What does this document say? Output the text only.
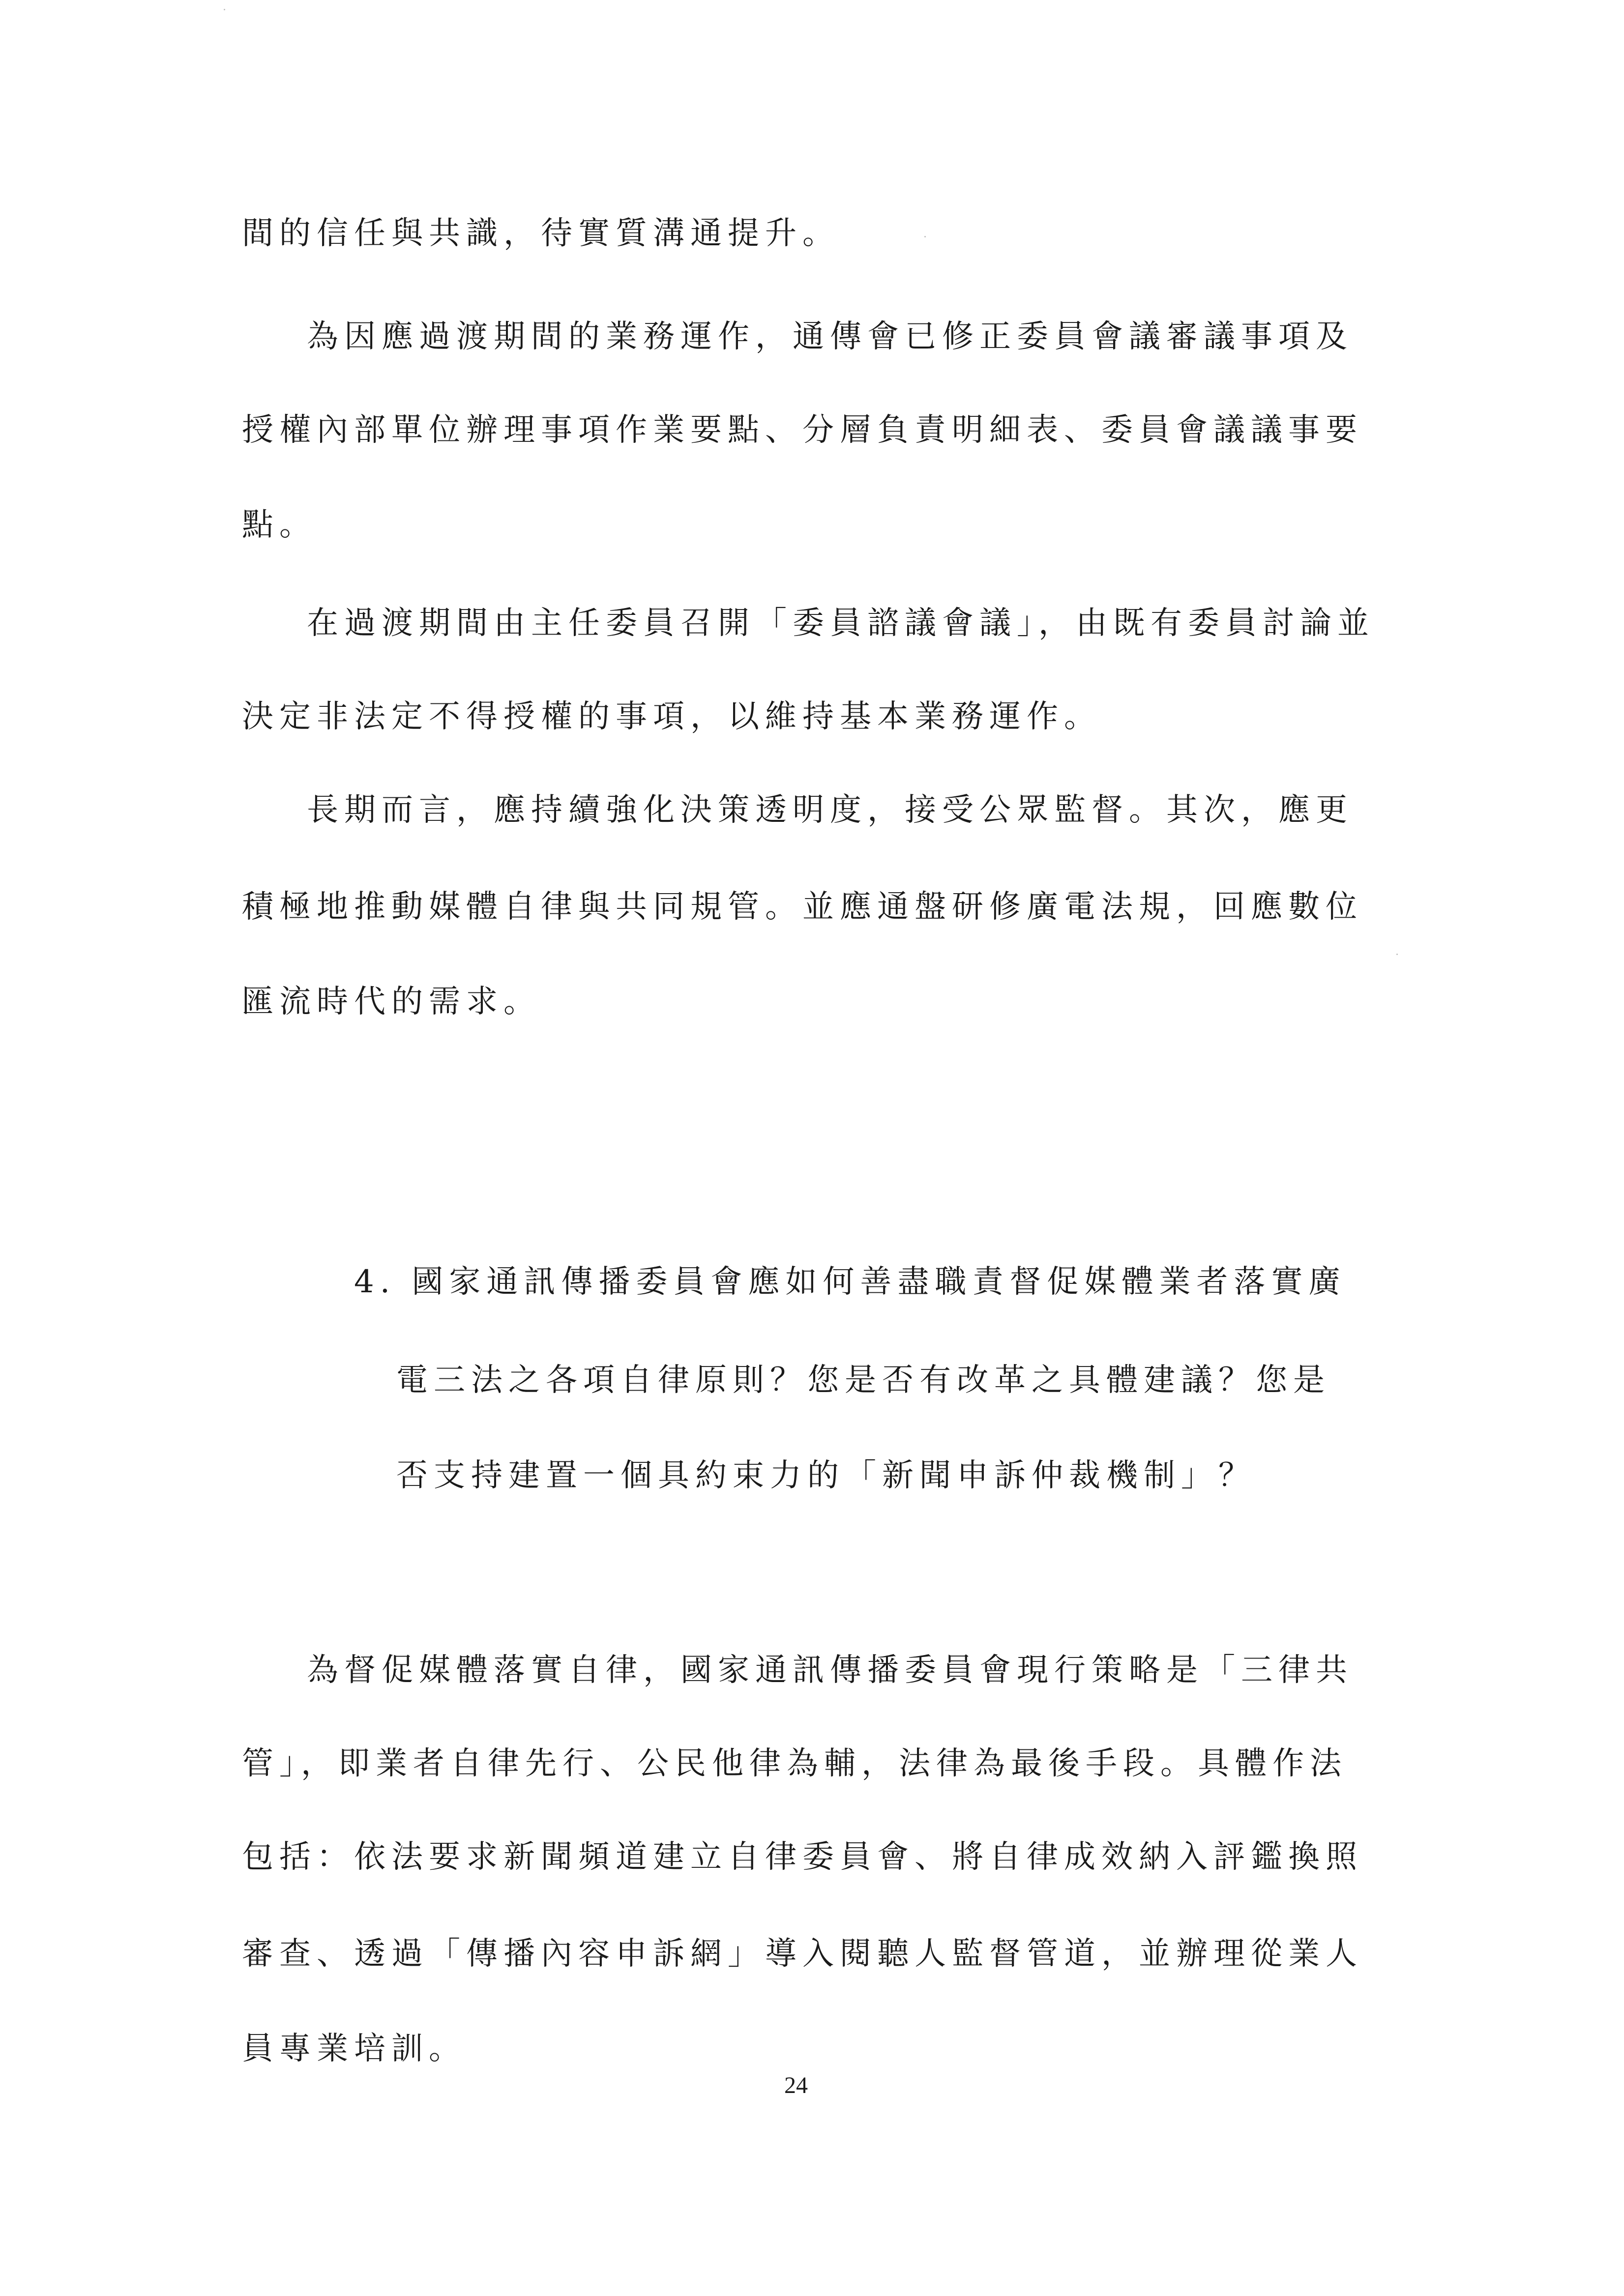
間的信任與共識，待實質溝通提升。
為因應過渡期間的業務運作，通傳會已修正委員會議審議事項及
授權內部單位辦理事項作業要點、分層負責明細表、委員會議議事要
點。
在過渡期間由主任委員召開「委員諮議會議」，由既有委員討論並
決定非法定不得授權的事項，以維持基本業務運作。
長期而言，應持續強化決策透明度，接受公眾監督。其次，應更
積極地推動媒體自律與共同規管。並應通盤研修廣電法規，回應數位
匯流時代的需求。
4. 國家通訊傳播委員會應如何善盡職責督促媒體業者落實廣
電三法之各項自律原則？您是否有改革之具體建議？您是
否支持建置一個具約束力的「新聞申訴仲裁機制」？
為督促媒體落實自律，國家通訊傳播委員會現行策略是「三律共
管」，即業者自律先行、公民他律為輔，法律為最後手段。具體作法
包括：依法要求新聞頻道建立自律委員會、將自律成效納入評鑑換照
審查、透過「傳播內容申訴網」導入閱聽人監督管道，並辦理從業人
員專業培訓。
24
